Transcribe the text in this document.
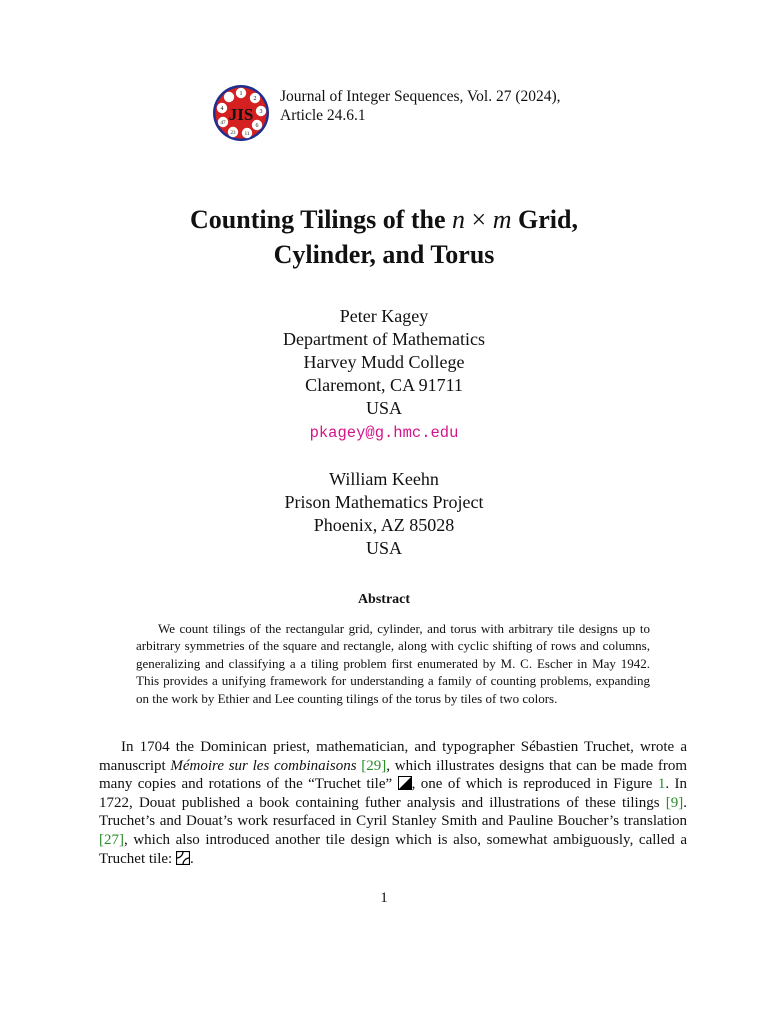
1
2
3
6
11
23
47
4 JIS
Journal of Integer Sequences, Vol. 27 (2024),
Article 24.6.1
Counting Tilings of the n × m Grid,
Cylinder, and Torus
Peter Kagey
Department of Mathematics
Harvey Mudd College
Claremont, CA 91711
USA
pkagey@g.hmc.edu
William Keehn
Prison Mathematics Project
Phoenix, AZ 85028
USA
Abstract
We count tilings of the rectangular grid, cylinder, and torus with arbitrary tile designs up to arbitrary symmetries of the square and rectangle, along with cyclic shifting of rows and columns, generalizing and classifying a a tiling problem first enumerated by M. C. Escher in May 1942. This provides a unifying framework for understanding a family of counting problems, expanding on the work by Ethier and Lee counting tilings of the torus by tiles of two colors.
In 1704 the Dominican priest, mathematician, and typographer Sébastien Truchet, wrote a manuscript Mémoire sur les combinaisons [29], which illustrates designs that can be made from many copies and rotations of the “Truchet tile” , one of which is reproduced in Figure 1. In 1722, Douat published a book containing futher analysis and illustrations of these tilings [9]. Truchet’s and Douat’s work resurfaced in Cyril Stanley Smith and Pauline Boucher’s translation [27], which also introduced another tile design which is also, somewhat ambiguously, called a Truchet tile: .
1
